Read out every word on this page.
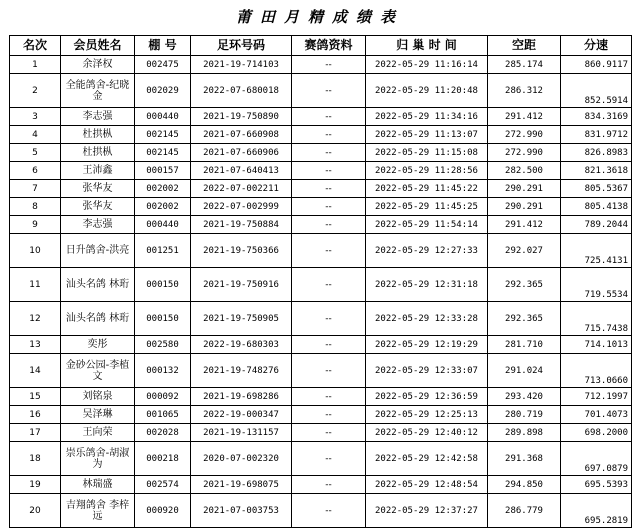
莆田月精成绩表
名次	会员姓名	棚 号	足环号码	赛鸽资料	归 巢 时 间	空距	分速
1	余泽权	002475	2021-19-714103	--	2022-05-29 11:16:14	285.174	860.9117
2	全能鸽舍-纪晓金	002029	2022-07-680018	--	2022-05-29 11:20:48	286.312	852.5914
3	李志强	000440	2021-19-750890	--	2022-05-29 11:34:16	291.412	834.3169
4	杜拱枞	002145	2021-07-660908	--	2022-05-29 11:13:07	272.990	831.9712
5	杜拱枞	002145	2021-07-660906	--	2022-05-29 11:15:08	272.990	826.8983
6	王沛鑫	000157	2021-07-640413	--	2022-05-29 11:28:56	282.500	821.3618
7	张华友	002002	2022-07-002211	--	2022-05-29 11:45:22	290.291	805.5367
8	张华友	002002	2022-07-002999	--	2022-05-29 11:45:25	290.291	805.4138
9	李志强	000440	2021-19-750884	--	2022-05-29 11:54:14	291.412	789.2044
10	日升鸽舍-洪亮	001251	2021-19-750366	--	2022-05-29 12:27:33	292.027	725.4131
11	汕头名鸽 林珩	000150	2021-19-750916	--	2022-05-29 12:31:18	292.365	719.5534
12	汕头名鸽 林珩	000150	2021-19-750905	--	2022-05-29 12:33:28	292.365	715.7438
13	奕彤	002580	2022-19-680303	--	2022-05-29 12:19:29	281.710	714.1013
14	金砂公园-李植文	000132	2021-19-748276	--	2022-05-29 12:33:07	291.024	713.0660
15	刘铭泉	000092	2021-19-698286	--	2022-05-29 12:36:59	293.420	712.1997
16	吴泽琳	001065	2022-19-000347	--	2022-05-29 12:25:13	280.719	701.4073
17	王向荣	002028	2021-19-131157	--	2022-05-29 12:40:12	289.898	698.2000
18	崇乐鸽舍-胡淑为	000218	2020-07-002320	--	2022-05-29 12:42:58	291.368	697.0879
19	林瑞盛	002574	2021-19-698075	--	2022-05-29 12:48:54	294.850	695.5393
20	吉翔鸽舍 李梓远	000920	2021-07-003753	--	2022-05-29 12:37:27	286.779	695.2819
